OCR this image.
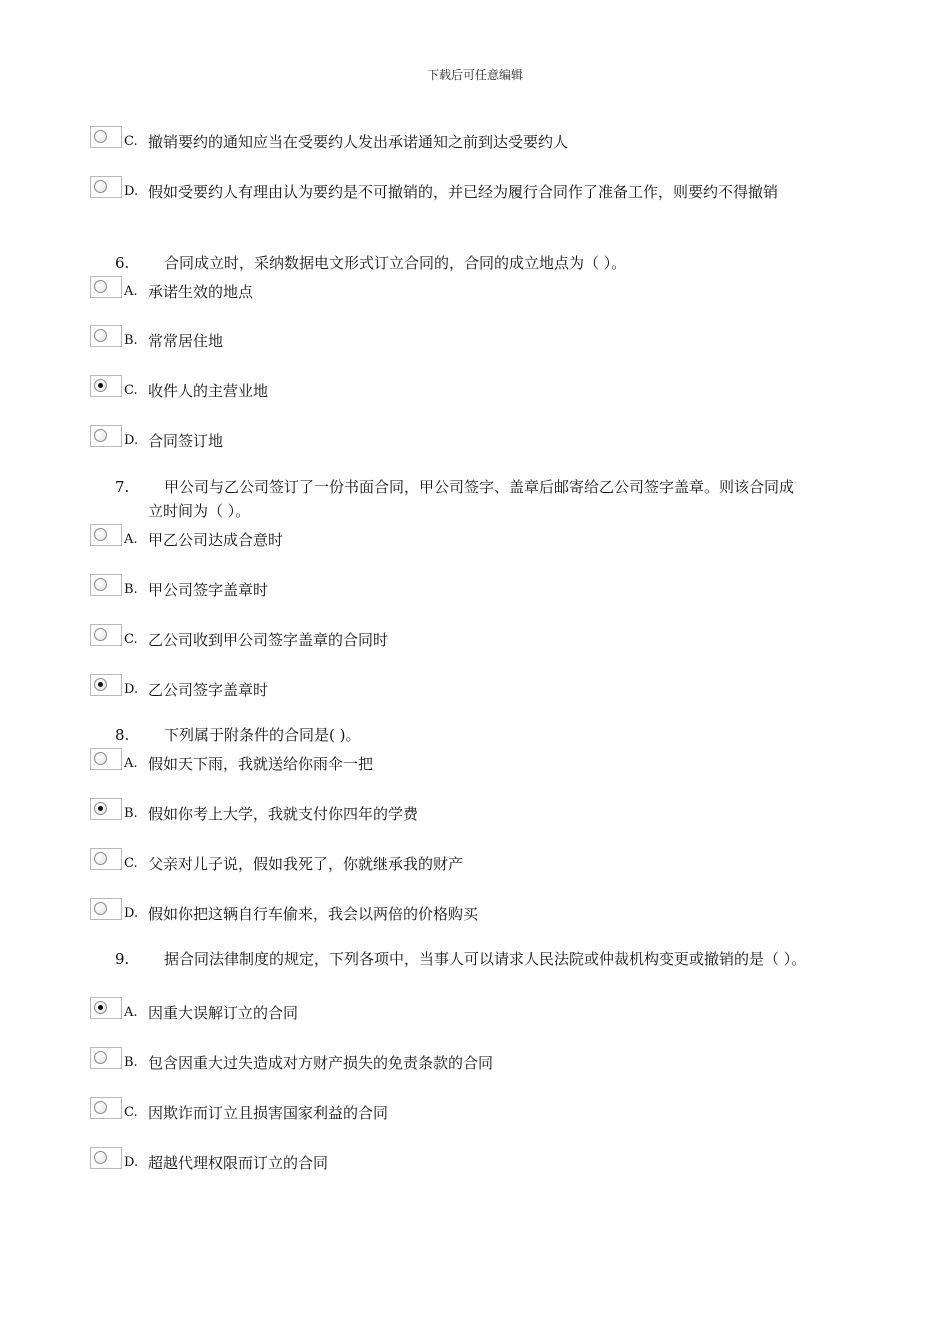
下载后可任意编辑
C. 撤销要约的通知应当在受要约人发出承诺通知之前到达受要约人
D. 假如受要约人有理由认为要约是不可撤销的，并已经为履行合同作了准备工作，则要约不得撤销
6.	合同成立时，采纳数据电文形式订立合同的，合同的成立地点为（ ）。
A. 承诺生效的地点
B. 常常居住地
C. 收件人的主营业地
D. 合同签订地
7.	甲公司与乙公司签订了一份书面合同，甲公司签字、盖章后邮寄给乙公司签字盖章。则该合同成立时间为（ ）。
A. 甲乙公司达成合意时
B. 甲公司签字盖章时
C. 乙公司收到甲公司签字盖章的合同时
D. 乙公司签字盖章时
8.	下列属于附条件的合同是( )。
A. 假如天下雨，我就送给你雨伞一把
B. 假如你考上大学，我就支付你四年的学费
C. 父亲对儿子说，假如我死了，你就继承我的财产
D. 假如你把这辆自行车偷来，我会以两倍的价格购买
9.	据合同法律制度的规定，下列各项中，当事人可以请求人民法院或仲裁机构变更或撤销的是（ ）。
A. 因重大误解订立的合同
B. 包含因重大过失造成对方财产损失的免责条款的合同
C. 因欺诈而订立且损害国家利益的合同
D. 超越代理权限而订立的合同
